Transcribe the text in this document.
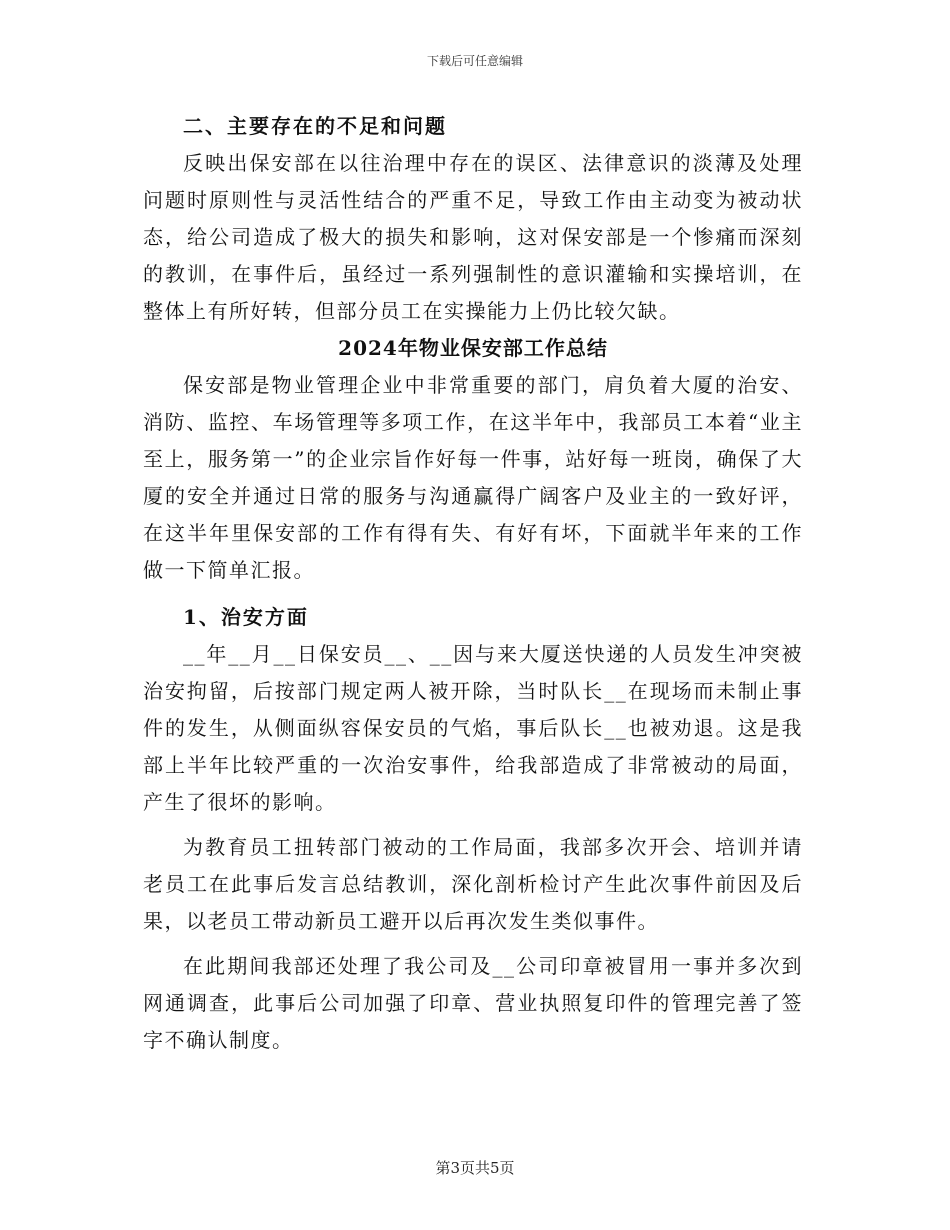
下载后可任意编辑

二、主要存在的不足和问题

反映出保安部在以往治理中存在的误区、法律意识的淡薄及处理问题时原则性与灵活性结合的严重不足，导致工作由主动变为被动状态，给公司造成了极大的损失和影响，这对保安部是一个惨痛而深刻的教训，在事件后，虽经过一系列强制性的意识灌输和实操培训，在整体上有所好转，但部分员工在实操能力上仍比较欠缺。

2024年物业保安部工作总结

保安部是物业管理企业中非常重要的部门，肩负着大厦的治安、消防、监控、车场管理等多项工作，在这半年中，我部员工本着“业主至上，服务第一”的企业宗旨作好每一件事，站好每一班岗，确保了大厦的安全并通过日常的服务与沟通赢得广阔客户及业主的一致好评，在这半年里保安部的工作有得有失、有好有坏，下面就半年来的工作做一下简单汇报。

1、治安方面

__年__月__日保安员__、__因与来大厦送快递的人员发生冲突被治安拘留，后按部门规定两人被开除，当时队长__在现场而未制止事件的发生，从侧面纵容保安员的气焰，事后队长__也被劝退。这是我部上半年比较严重的一次治安事件，给我部造成了非常被动的局面，产生了很坏的影响。

为教育员工扭转部门被动的工作局面，我部多次开会、培训并请老员工在此事后发言总结教训，深化剖析检讨产生此次事件前因及后果，以老员工带动新员工避开以后再次发生类似事件。

在此期间我部还处理了我公司及__公司印章被冒用一事并多次到网通调查，此事后公司加强了印章、营业执照复印件的管理完善了签字不确认制度。

第3页共5页
